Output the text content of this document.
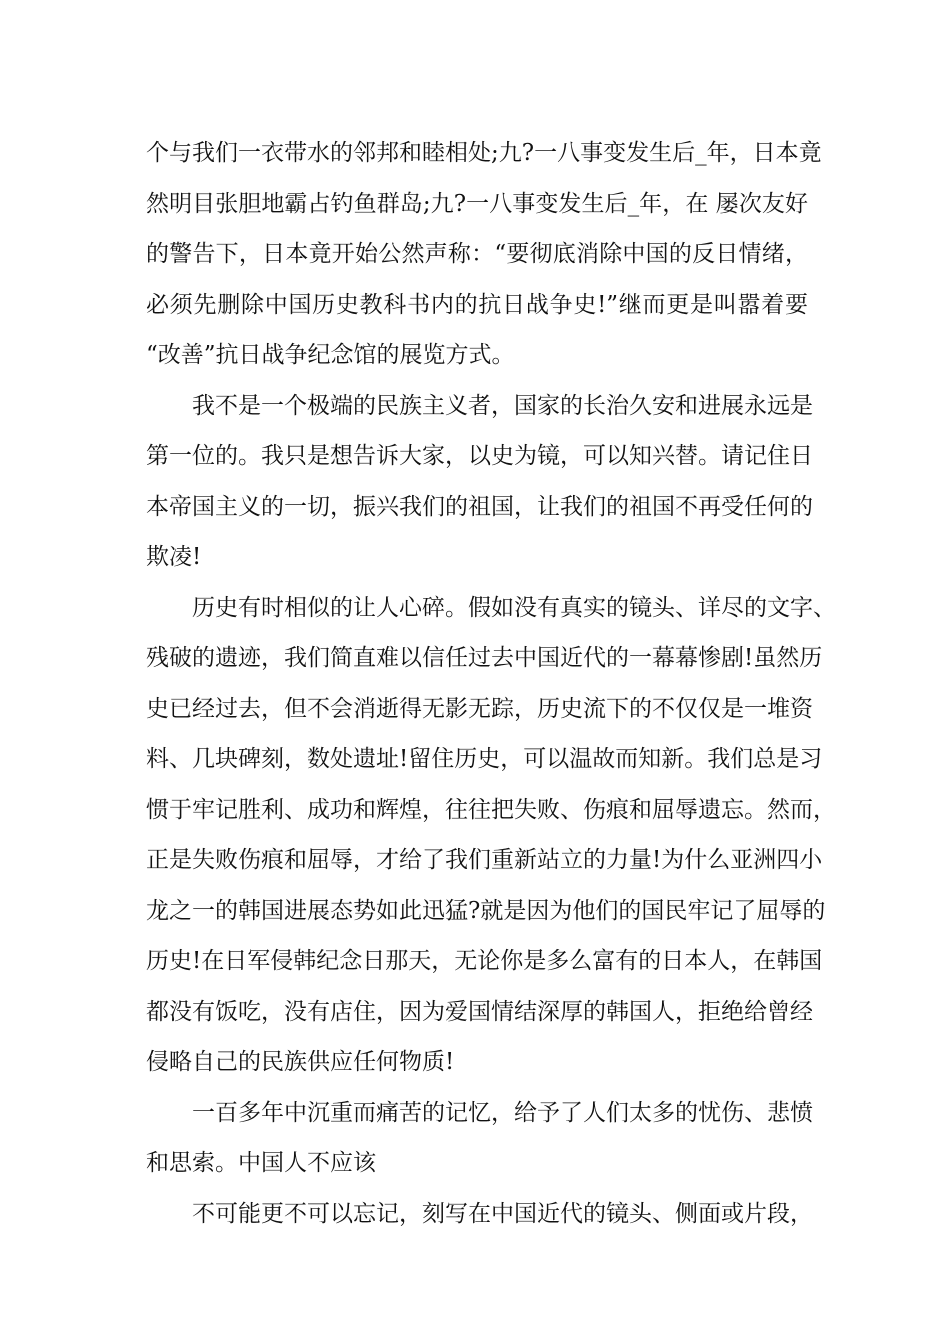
个与我们一衣带水的邻邦和睦相处;九?一八事变发生后_年，日本竟
然明目张胆地霸占钓鱼群岛;九?一八事变发生后_年，在 屡次友好
的警告下，日本竟开始公然声称：“要彻底消除中国的反日情绪，
必须先删除中国历史教科书内的抗日战争史!”继而更是叫嚣着要
“改善”抗日战争纪念馆的展览方式。
我不是一个极端的民族主义者，国家的长治久安和进展永远是
第一位的。我只是想告诉大家，以史为镜，可以知兴替。请记住日
本帝国主义的一切，振兴我们的祖国，让我们的祖国不再受任何的
欺凌!
历史有时相似的让人心碎。假如没有真实的镜头、详尽的文字、
残破的遗迹，我们简直难以信任过去中国近代的一幕幕惨剧!虽然历
史已经过去，但不会消逝得无影无踪，历史流下的不仅仅是一堆资
料、几块碑刻，数处遗址!留住历史，可以温故而知新。我们总是习
惯于牢记胜利、成功和辉煌，往往把失败、伤痕和屈辱遗忘。然而，
正是失败伤痕和屈辱，才给了我们重新站立的力量!为什么亚洲四小
龙之一的韩国进展态势如此迅猛?就是因为他们的国民牢记了屈辱的
历史!在日军侵韩纪念日那天，无论你是多么富有的日本人，在韩国
都没有饭吃，没有店住，因为爱国情结深厚的韩国人，拒绝给曾经
侵略自己的民族供应任何物质!
一百多年中沉重而痛苦的记忆，给予了人们太多的忧伤、悲愤
和思索。中国人不应该
不可能更不可以忘记，刻写在中国近代的镜头、侧面或片段，
